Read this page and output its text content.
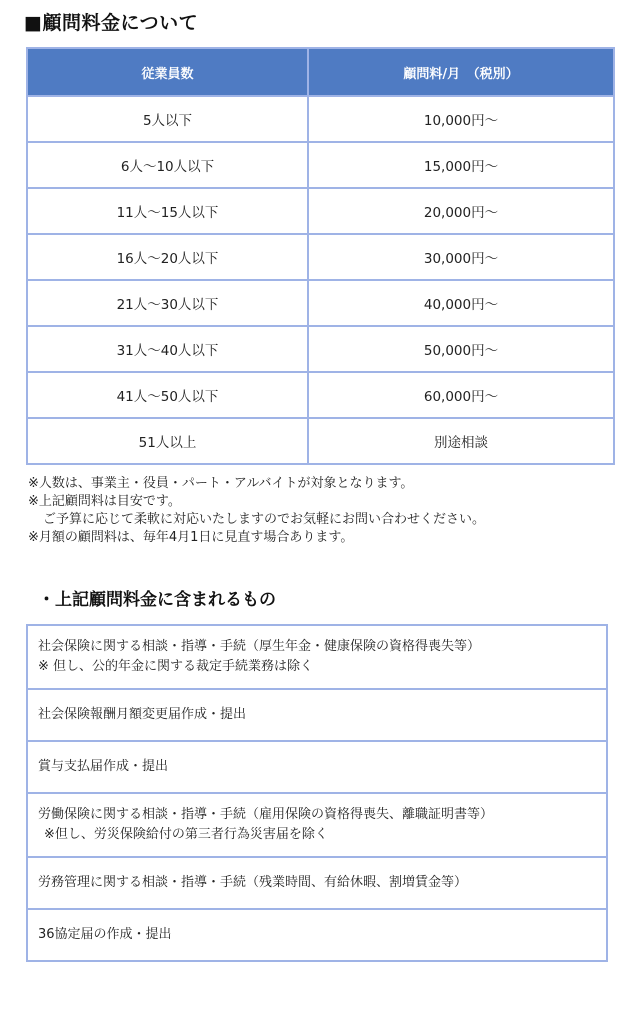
■顧問料金について
従業員数	顧問料/月　（税別）
5人以下	10,000円～
6人～10人以下	15,000円～
11人～15人以下	20,000円～
16人～20人以下	30,000円～
21人～30人以下	40,000円～
31人～40人以下	50,000円～
41人～50人以下	60,000円～
51人以上	別途相談
※人数は、事業主・役員・パート・アルバイトが対象となります。
※上記顧問料は目安です。
ご予算に応じて柔軟に対応いたしますのでお気軽にお問い合わせください。
※月額の顧問料は、毎年4月1日に見直す場合あります。
・上記顧問料金に含まれるもの
社会保険に関する相談・指導・手続（厚生年金・健康保険の資格得喪失等）
※ 但し、公的年金に関する裁定手続業務は除く

社会保険報酬月額変更届作成・提出

賞与支払届作成・提出

労働保険に関する相談・指導・手続（雇用保険の資格得喪失、離職証明書等）
※但し、労災保険給付の第三者行為災害届を除く

労務管理に関する相談・指導・手続（残業時間、有給休暇、割増賃金等）

36協定届の作成・提出
